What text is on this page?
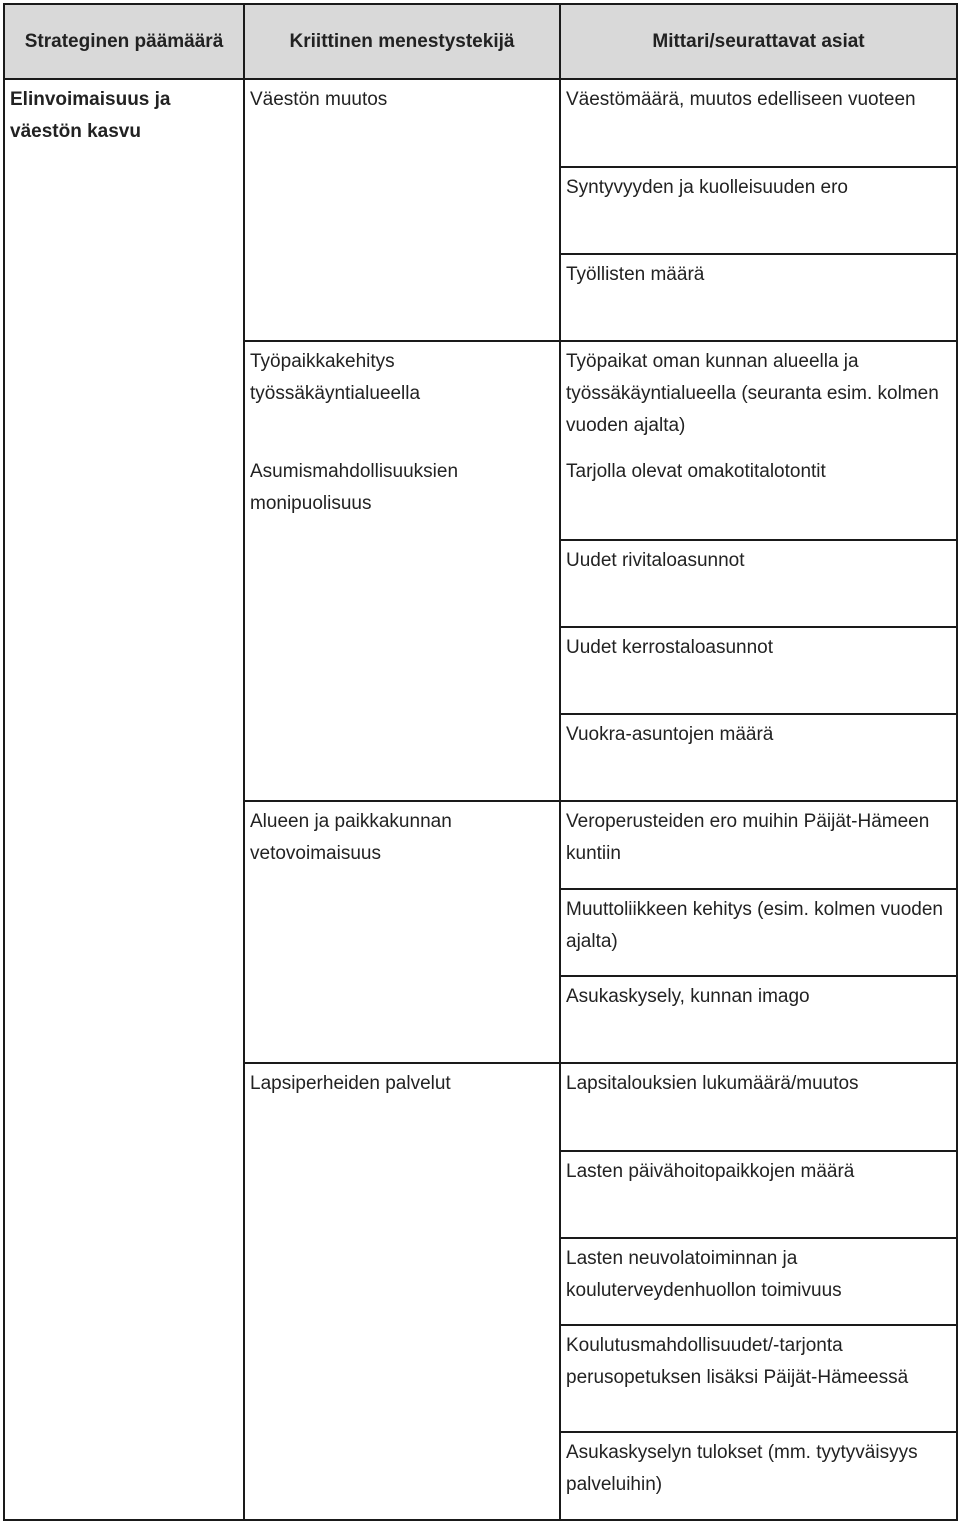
Strateginen päämäärä	Kriittinen menestystekijä	Mittari/seurattavat asiat
Elinvoimaisuus ja väestön kasvu
Väestön muutos
Työpaikkakehitys työssäkäyntialueella
Asumismahdollisuuksien monipuolisuus
Alueen ja paikkakunnan vetovoimaisuus
Lapsiperheiden palvelut
Väestömäärä, muutos edelliseen vuoteen
Syntyvyyden ja kuolleisuuden ero
Työllisten määrä
Työpaikat oman kunnan alueella ja työssäkäyntialueella (seuranta esim. kolmen vuoden ajalta)
Tarjolla olevat omakotitalotontit
Uudet rivitaloasunnot
Uudet kerrostaloasunnot
Vuokra-asuntojen määrä
Veroperusteiden ero muihin Päijät-Hämeen kuntiin
Muuttoliikkeen kehitys (esim. kolmen vuoden ajalta)
Asukaskysely, kunnan imago
Lapsitalouksien lukumäärä/muutos
Lasten päivähoitopaikkojen määrä
Lasten neuvolatoiminnan ja kouluterveydenhuollon toimivuus
Koulutusmahdollisuudet/-tarjonta perusopetuksen lisäksi Päijät-Hämeessä
Asukaskyselyn tulokset (mm. tyytyväisyys palveluihin)
